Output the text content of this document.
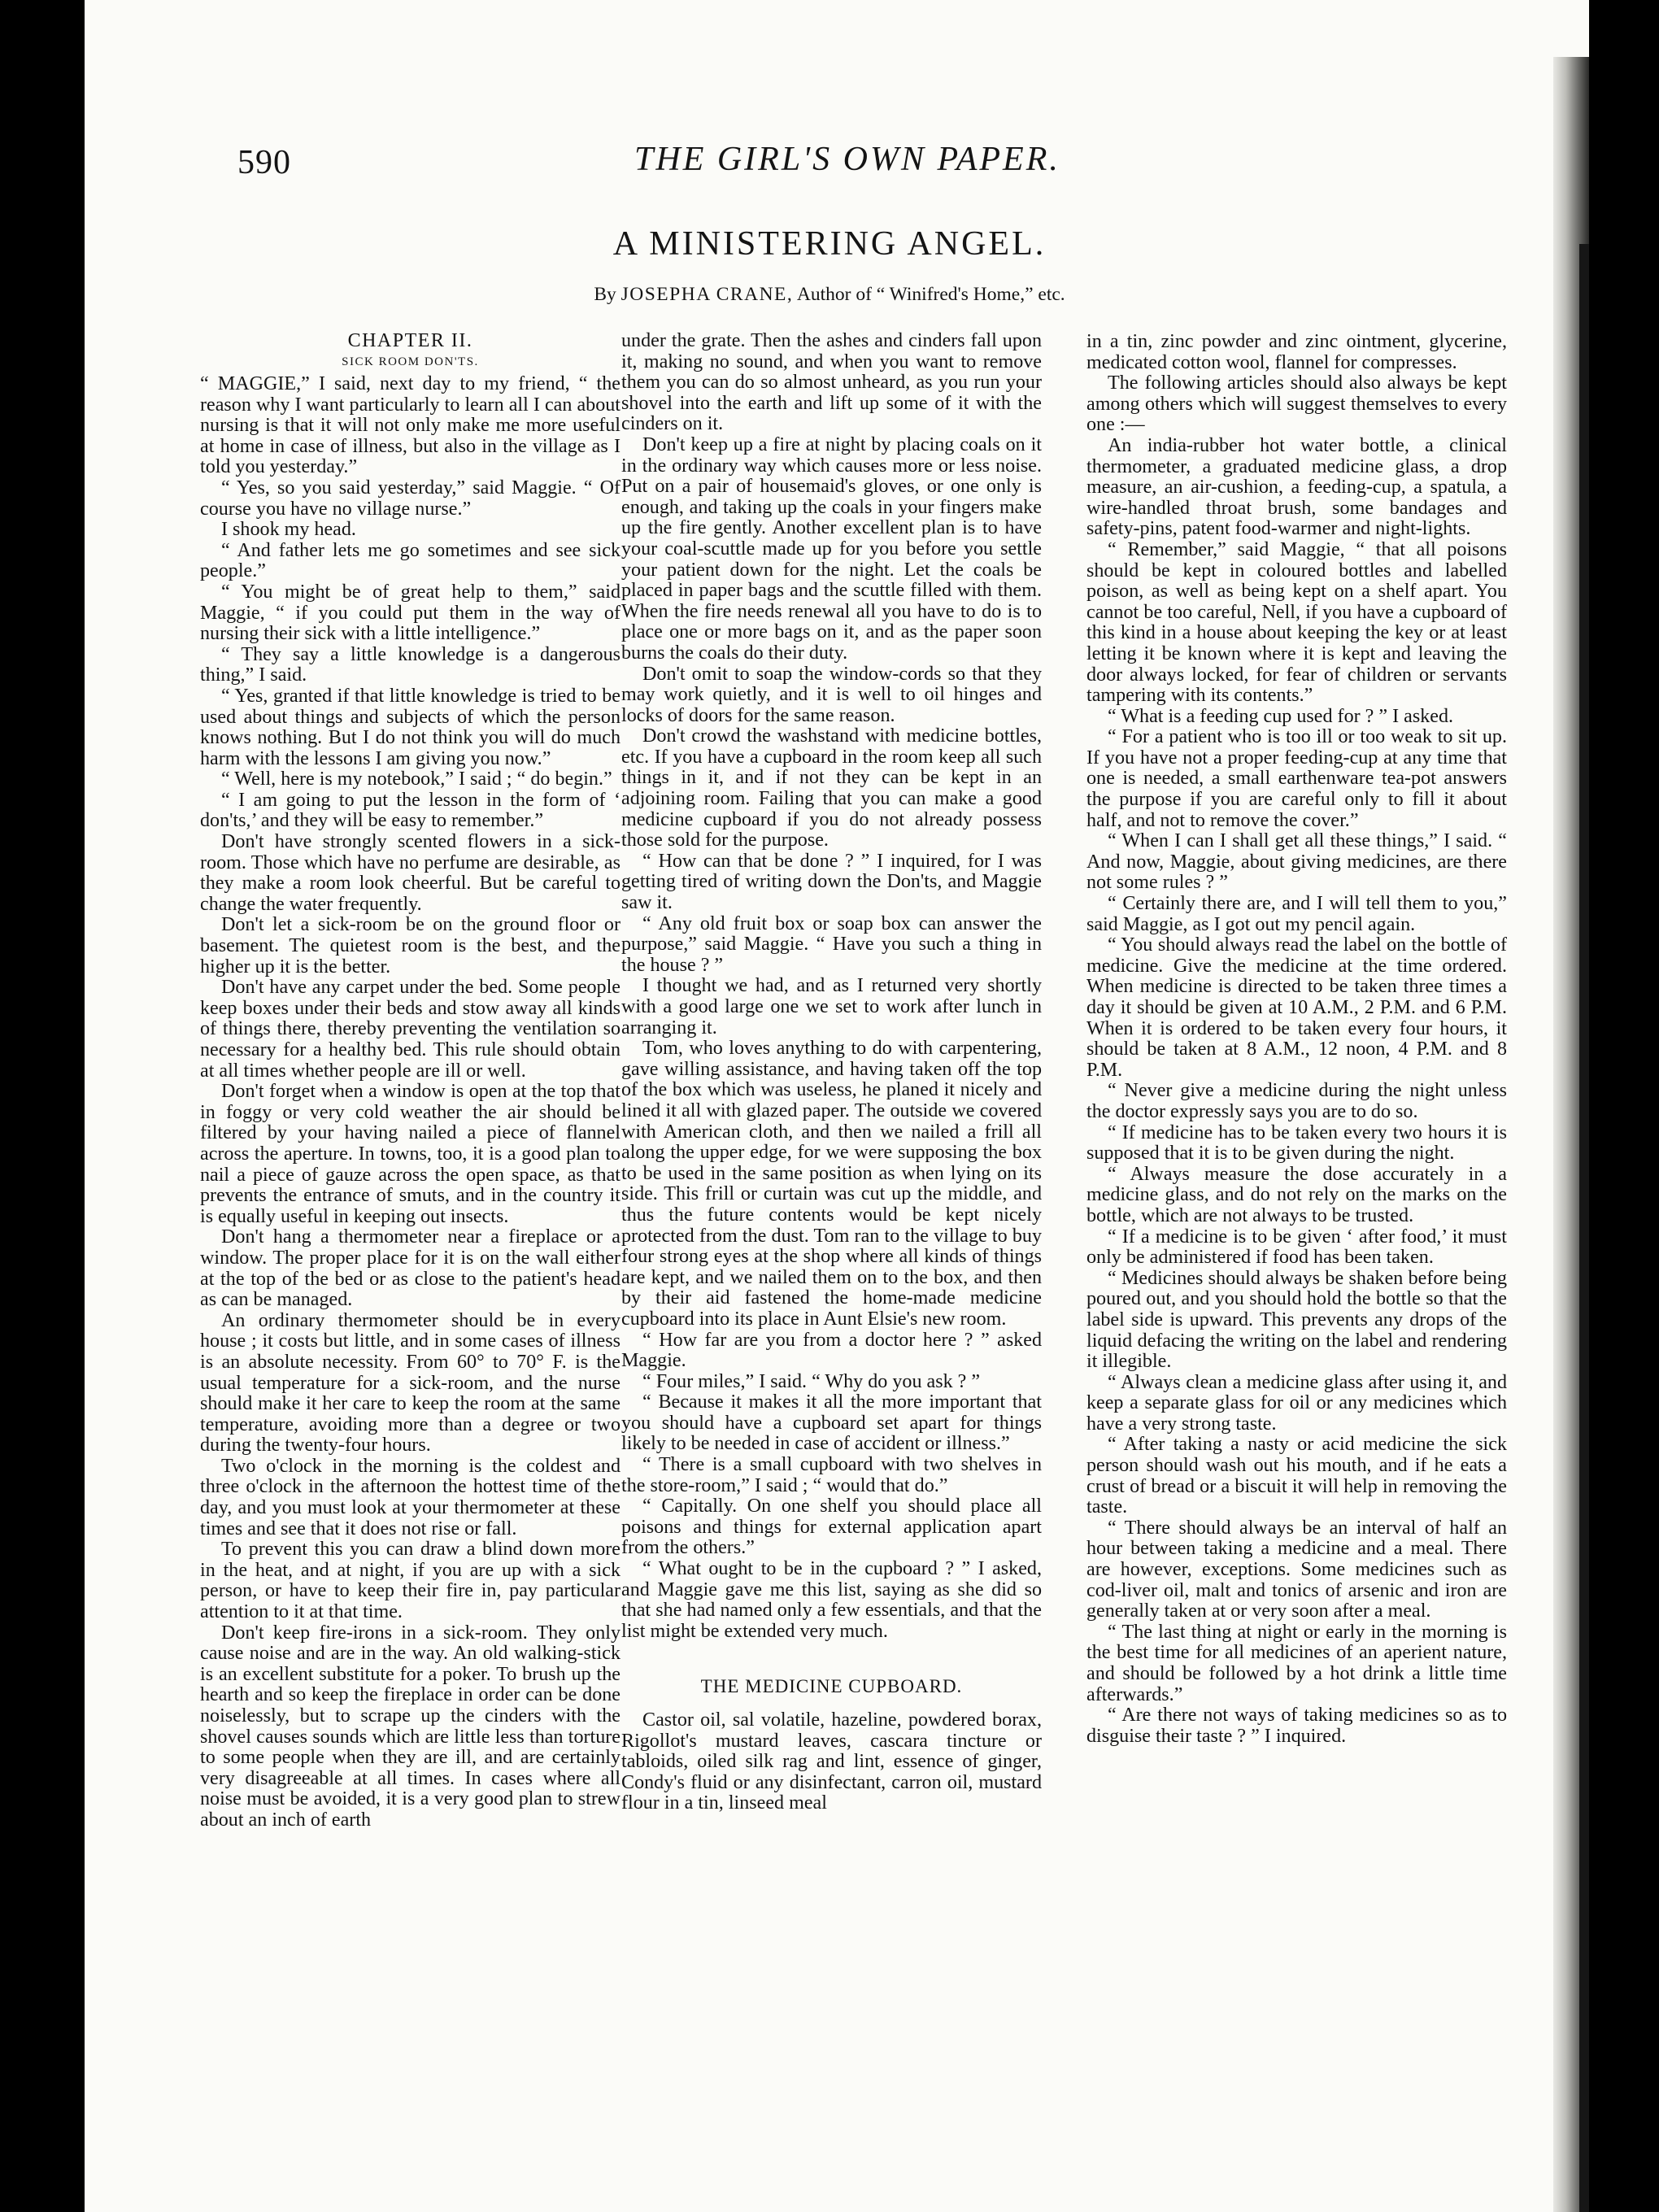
590	THE GIRL'S OWN PAPER.
A MINISTERING ANGEL.
By JOSEPHA CRANE, Author of “ Winifred's Home,” etc.
CHAPTER II.
SICK ROOM DON'TS.

“ MAGGIE,” I said, next day to my friend, “ the reason why I want particularly to learn all I can about nursing is that it will not only make me more useful at home in case of illness, but also in the village as I told you yesterday.”

“ Yes, so you said yesterday,” said Maggie. “ Of course you have no village nurse.”

I shook my head.

“ And father lets me go sometimes and see sick people.”

“ You might be of great help to them,” said Maggie, “ if you could put them in the way of nursing their sick with a little intelligence.”

“ They say a little knowledge is a dangerous thing,” I said.

“ Yes, granted if that little knowledge is tried to be used about things and subjects of which the person knows nothing. But I do not think you will do much harm with the lessons I am giving you now.”

“ Well, here is my notebook,” I said ; “ do begin.”

“ I am going to put the lesson in the form of ‘ don'ts,’ and they will be easy to remember.”

Don't have strongly scented flowers in a sick-room. Those which have no perfume are desirable, as they make a room look cheerful. But be careful to change the water frequently.

Don't let a sick-room be on the ground floor or basement. The quietest room is the best, and the higher up it is the better.

Don't have any carpet under the bed. Some people keep boxes under their beds and stow away all kinds of things there, thereby preventing the ventilation so necessary for a healthy bed. This rule should obtain at all times whether people are ill or well.

Don't forget when a window is open at the top that in foggy or very cold weather the air should be filtered by your having nailed a piece of flannel across the aperture. In towns, too, it is a good plan to nail a piece of gauze across the open space, as that prevents the entrance of smuts, and in the country it is equally useful in keeping out insects.

Don't hang a thermometer near a fireplace or a window. The proper place for it is on the wall either at the top of the bed or as close to the patient's head as can be managed.

An ordinary thermometer should be in every house ; it costs but little, and in some cases of illness is an absolute necessity. From 60° to 70° F. is the usual temperature for a sick-room, and the nurse should make it her care to keep the room at the same temperature, avoiding more than a degree or two during the twenty-four hours.

Two o'clock in the morning is the coldest and three o'clock in the afternoon the hottest time of the day, and you must look at your thermometer at these times and see that it does not rise or fall.

To prevent this you can draw a blind down more in the heat, and at night, if you are up with a sick person, or have to keep their fire in, pay particular attention to it at that time.

Don't keep fire-irons in a sick-room. They only cause noise and are in the way. An old walking-stick is an excellent substitute for a poker. To brush up the hearth and so keep the fireplace in order can be done noiselessly, but to scrape up the cinders with the shovel causes sounds which are little less than torture to some people when they are ill, and are certainly very disagreeable at all times. In cases where all noise must be avoided, it is a very good plan to strew about an inch of earth

under the grate. Then the ashes and cinders fall upon it, making no sound, and when you want to remove them you can do so almost unheard, as you run your shovel into the earth and lift up some of it with the cinders on it.

Don't keep up a fire at night by placing coals on it in the ordinary way which causes more or less noise. Put on a pair of housemaid's gloves, or one only is enough, and taking up the coals in your fingers make up the fire gently. Another excellent plan is to have your coal-scuttle made up for you before you settle your patient down for the night. Let the coals be placed in paper bags and the scuttle filled with them. When the fire needs renewal all you have to do is to place one or more bags on it, and as the paper soon burns the coals do their duty.

Don't omit to soap the window-cords so that they may work quietly, and it is well to oil hinges and locks of doors for the same reason.

Don't crowd the washstand with medicine bottles, etc. If you have a cupboard in the room keep all such things in it, and if not they can be kept in an adjoining room. Failing that you can make a good medicine cupboard if you do not already possess those sold for the purpose.

“ How can that be done ? ” I inquired, for I was getting tired of writing down the Don'ts, and Maggie saw it.

“ Any old fruit box or soap box can answer the purpose,” said Maggie. “ Have you such a thing in the house ? ”

I thought we had, and as I returned very shortly with a good large one we set to work after lunch in arranging it.

Tom, who loves anything to do with carpentering, gave willing assistance, and having taken off the top of the box which was useless, he planed it nicely and lined it all with glazed paper. The outside we covered with American cloth, and then we nailed a frill all along the upper edge, for we were supposing the box to be used in the same position as when lying on its side. This frill or curtain was cut up the middle, and thus the future contents would be kept nicely protected from the dust. Tom ran to the village to buy four strong eyes at the shop where all kinds of things are kept, and we nailed them on to the box, and then by their aid fastened the home-made medicine cupboard into its place in Aunt Elsie's new room.

“ How far are you from a doctor here ? ” asked Maggie.

“ Four miles,” I said. “ Why do you ask ? ”

“ Because it makes it all the more important that you should have a cupboard set apart for things likely to be needed in case of accident or illness.”

“ There is a small cupboard with two shelves in the store-room,” I said ; “ would that do.”

“ Capitally. On one shelf you should place all poisons and things for external application apart from the others.”

“ What ought to be in the cupboard ? ” I asked, and Maggie gave me this list, saying as she did so that she had named only a few essentials, and that the list might be extended very much.

THE MEDICINE CUPBOARD.

Castor oil, sal volatile, hazeline, powdered borax, Rigollot's mustard leaves, cascara tincture or tabloids, oiled silk rag and lint, essence of ginger, Condy's fluid or any disinfectant, carron oil, mustard flour in a tin, linseed meal

in a tin, zinc powder and zinc ointment, glycerine, medicated cotton wool, flannel for compresses.

The following articles should also always be kept among others which will suggest themselves to every one :—

An india-rubber hot water bottle, a clinical thermometer, a graduated medicine glass, a drop measure, an air-cushion, a feeding-cup, a spatula, a wire-handled throat brush, some bandages and safety-pins, patent food-warmer and night-lights.

“ Remember,” said Maggie, “ that all poisons should be kept in coloured bottles and labelled poison, as well as being kept on a shelf apart. You cannot be too careful, Nell, if you have a cupboard of this kind in a house about keeping the key or at least letting it be known where it is kept and leaving the door always locked, for fear of children or servants tampering with its contents.”

“ What is a feeding cup used for ? ” I asked.

“ For a patient who is too ill or too weak to sit up. If you have not a proper feeding-cup at any time that one is needed, a small earthenware tea-pot answers the purpose if you are careful only to fill it about half, and not to remove the cover.”

“ When I can I shall get all these things,” I said. “ And now, Maggie, about giving medicines, are there not some rules ? ”

“ Certainly there are, and I will tell them to you,” said Maggie, as I got out my pencil again.

“ You should always read the label on the bottle of medicine. Give the medicine at the time ordered. When medicine is directed to be taken three times a day it should be given at 10 A.M., 2 P.M. and 6 P.M. When it is ordered to be taken every four hours, it should be taken at 8 A.M., 12 noon, 4 P.M. and 8 P.M.

“ Never give a medicine during the night unless the doctor expressly says you are to do so.

“ If medicine has to be taken every two hours it is supposed that it is to be given during the night.

“ Always measure the dose accurately in a medicine glass, and do not rely on the marks on the bottle, which are not always to be trusted.

“ If a medicine is to be given ‘ after food,’ it must only be administered if food has been taken.

“ Medicines should always be shaken before being poured out, and you should hold the bottle so that the label side is upward. This prevents any drops of the liquid defacing the writing on the label and rendering it illegible.

“ Always clean a medicine glass after using it, and keep a separate glass for oil or any medicines which have a very strong taste.

“ After taking a nasty or acid medicine the sick person should wash out his mouth, and if he eats a crust of bread or a biscuit it will help in removing the taste.

“ There should always be an interval of half an hour between taking a medicine and a meal. There are however, exceptions. Some medicines such as cod-liver oil, malt and tonics of arsenic and iron are generally taken at or very soon after a meal.

“ The last thing at night or early in the morning is the best time for all medicines of an aperient nature, and should be followed by a hot drink a little time afterwards.”

“ Are there not ways of taking medicines so as to disguise their taste ? ” I inquired.
